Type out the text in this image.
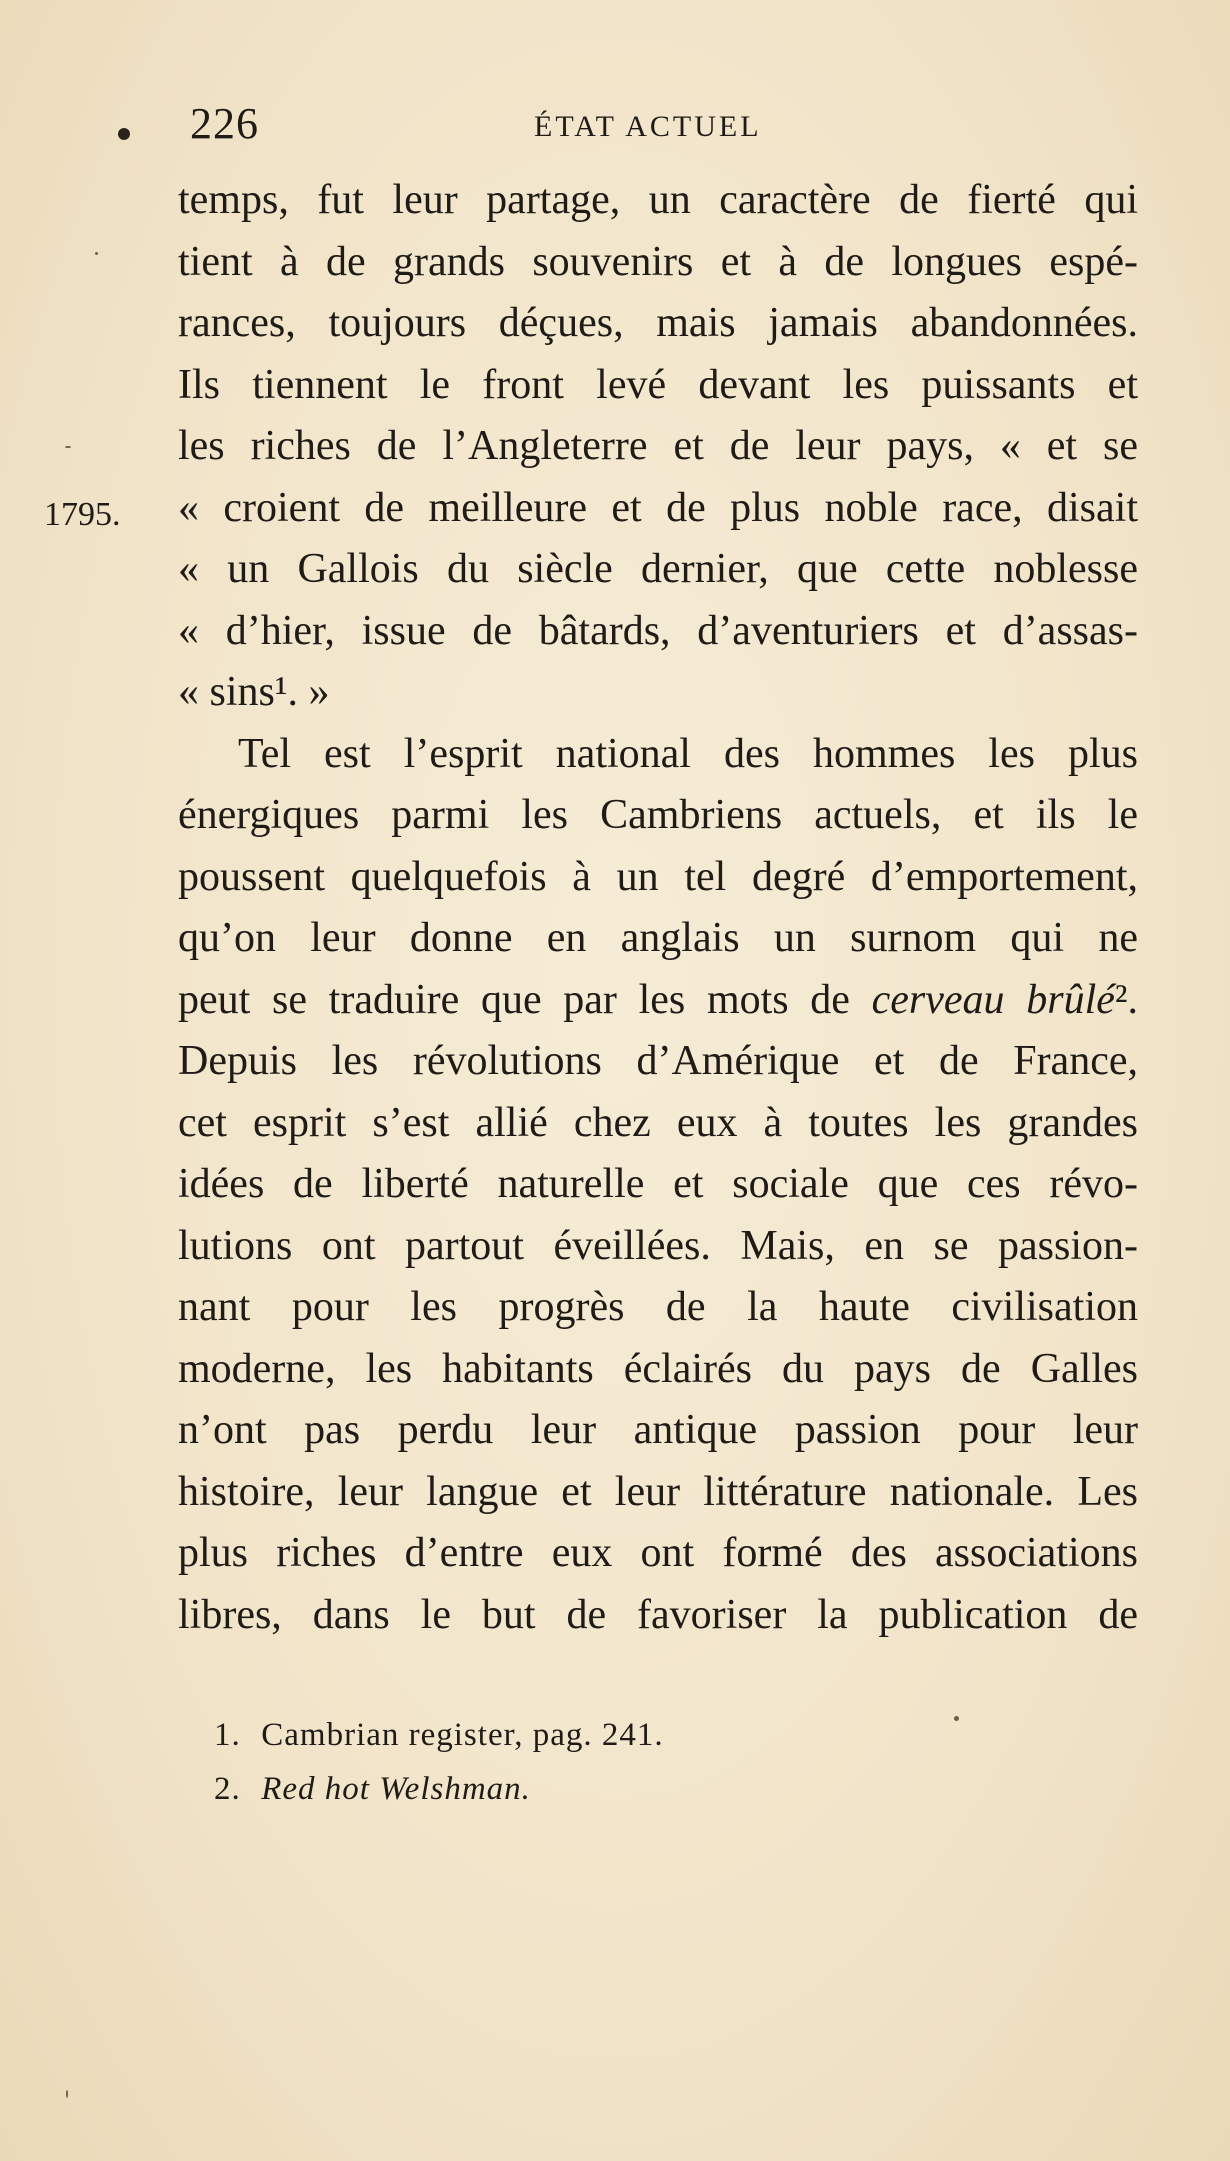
226	ÉTAT ACTUEL
1795.
temps, fut leur partage, un caractère de fierté qui
tient à de grands souvenirs et à de longues espé-
rances, toujours déçues, mais jamais abandonnées.
Ils tiennent le front levé devant les puissants et
les riches de l’Angleterre et de leur pays, « et se
« croient de meilleure et de plus noble race, disait
« un Gallois du siècle dernier, que cette noblesse
« d’hier, issue de bâtards, d’aventuriers et d’assas-
« sins¹. »
Tel est l’esprit national des hommes les plus
énergiques parmi les Cambriens actuels, et ils le
poussent quelquefois à un tel degré d’emportement,
qu’on leur donne en anglais un surnom qui ne
peut se traduire que par les mots de cerveau brûlé².
Depuis les révolutions d’Amérique et de France,
cet esprit s’est allié chez eux à toutes les grandes
idées de liberté naturelle et sociale que ces révo-
lutions ont partout éveillées. Mais, en se passion-
nant pour les progrès de la haute civilisation
moderne, les habitants éclairés du pays de Galles
n’ont pas perdu leur antique passion pour leur
histoire, leur langue et leur littérature nationale. Les
plus riches d’entre eux ont formé des associations
libres, dans le but de favoriser la publication de
1. Cambrian register, pag. 241.
2. Red hot Welshman.
